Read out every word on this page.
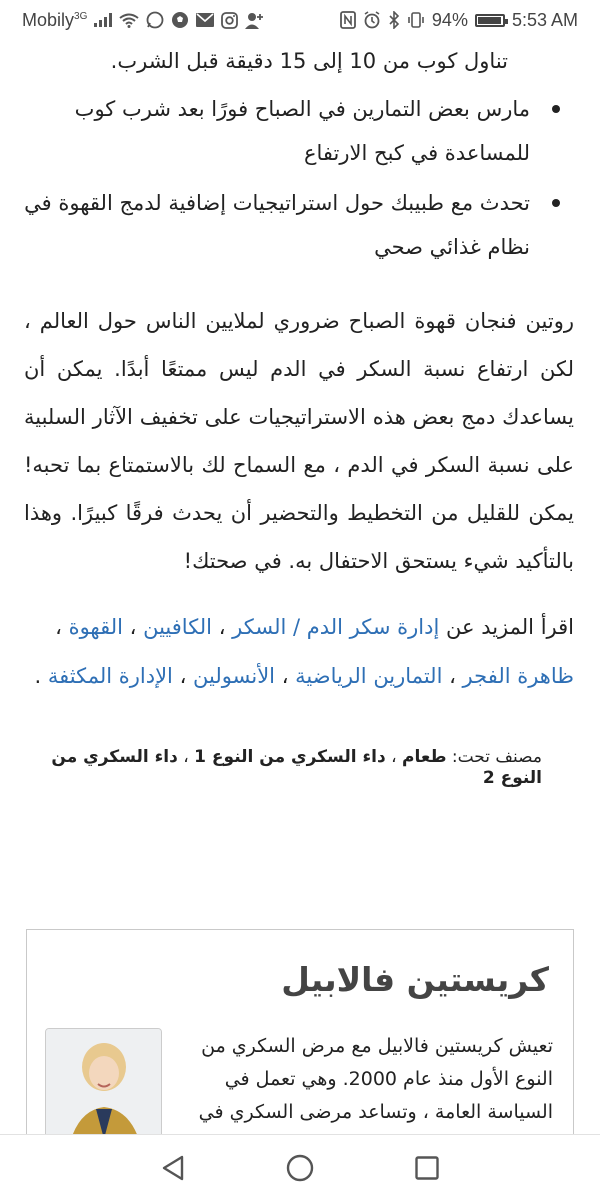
Mobily$^{3G}$	94% 5:53 AM
تناول كوب من 10 إلى 15 دقيقة قبل الشرب.
مارس بعض التمارين في الصباح فورًا بعد شرب كوب للمساعدة في كبح الارتفاع
تحدث مع طبيبك حول استراتيجيات إضافية لدمج القهوة في نظام غذائي صحي

روتين فنجان قهوة الصباح ضروري لملايين الناس حول العالم ، لكن ارتفاع نسبة السكر في الدم ليس ممتعًا أبدًا. يمكن أن يساعدك دمج بعض هذه الاستراتيجيات على تخفيف الآثار السلبية على نسبة السكر في الدم ، مع السماح لك بالاستمتاع بما تحبه! يمكن للقليل من التخطيط والتحضير أن يحدث فرقًا كبيرًا. وهذا بالتأكيد شيء يستحق الاحتفال به. في صحتك!

اقرأ المزيد عن إدارة سكر الدم / السكر ، الكافيين ، القهوة ، ظاهرة الفجر ، التمارين الرياضية ، الأنسولين ، الإدارة المكثفة .

مصنف تحت: طعام ، داء السكري من النوع 1 ، داء السكري من النوع 2
كريستين فالابيل
تعيش كريستين فالابيل مع مرض السكري من النوع الأول منذ عام 2000. وهي تعمل في السياسة العامة ، وتساعد مرضى السكري في
